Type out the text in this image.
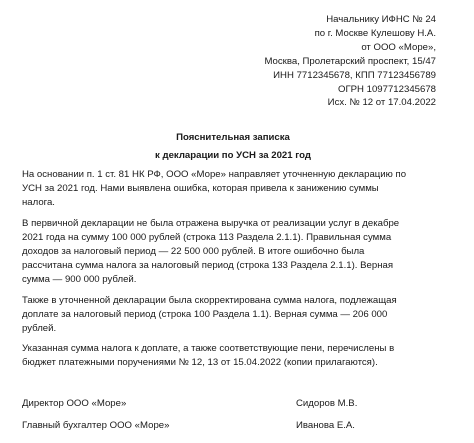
Начальнику ИФНС № 24
по г. Москве Кулешову Н.А.
от ООО «Море»,
Москва, Пролетарский проспект, 15/47
ИНН 7712345678, КПП 77123456789
ОГРН 1097712345678
Исх. № 12 от 17.04.2022
Пояснительная записка
к декларации по УСН за 2021 год

На основании п. 1 ст. 81 НК РФ, ООО «Море» направляет уточненную декларацию по
УСН за 2021 год. Нами выявлена ошибка, которая привела к занижению суммы
налога.

В первичной декларации не была отражена выручка от реализации услуг в декабре
2021 года на сумму 100 000 рублей (строка 113 Раздела 2.1.1). Правильная сумма
доходов за налоговый период — 22 500 000 рублей. В итоге ошибочно была
рассчитана сумма налога за налоговый период (строка 133 Раздела 2.1.1). Верная
сумма — 900 000 рублей.

Также в уточненной декларации была скорректирована сумма налога, подлежащая
доплате за налоговый период (строка 100 Раздела 1.1). Верная сумма — 206 000
рублей.

Указанная сумма налога к доплате, а также соответствующие пени, перечислены в
бюджет платежными поручениями № 12, 13 от 15.04.2022 (копии прилагаются).

Директор ООО «Море»	Сидоров М.В.
Главный бухгалтер ООО «Море»	Иванова Е.А.
